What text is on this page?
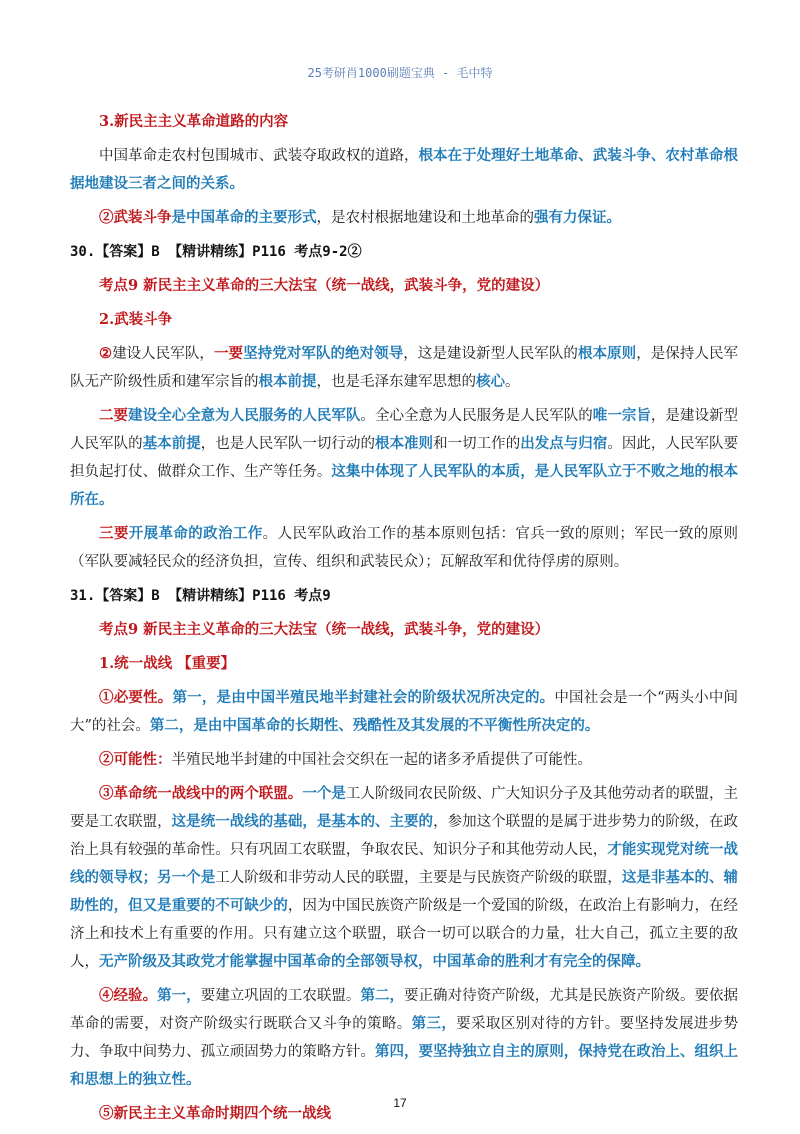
25考研肖1000刷题宝典 - 毛中特
3.新民主主义革命道路的内容
中国革命走农村包围城市、武装夺取政权的道路，根本在于处理好土地革命、武装斗争、农村革命根据地建设三者之间的关系。
②武装斗争是中国革命的主要形式，是农村根据地建设和土地革命的强有力保证。
30.【答案】B 【精讲精练】P116 考点9-2②
考点9 新民主主义革命的三大法宝（统一战线，武装斗争，党的建设）
2.武装斗争
②建设人民军队，一要坚持党对军队的绝对领导，这是建设新型人民军队的根本原则，是保持人民军队无产阶级性质和建军宗旨的根本前提，也是毛泽东建军思想的核心。
二要建设全心全意为人民服务的人民军队。全心全意为人民服务是人民军队的唯一宗旨，是建设新型人民军队的基本前提，也是人民军队一切行动的根本准则和一切工作的出发点与归宿。因此，人民军队要担负起打仗、做群众工作、生产等任务。这集中体现了人民军队的本质，是人民军队立于不败之地的根本所在。
三要开展革命的政治工作。人民军队政治工作的基本原则包括：官兵一致的原则；军民一致的原则（军队要减轻民众的经济负担，宣传、组织和武装民众）；瓦解敌军和优待俘虏的原则。
31.【答案】B 【精讲精练】P116 考点9
考点9 新民主主义革命的三大法宝（统一战线，武装斗争，党的建设）
1.统一战线 【重要】
①必要性。第一，是由中国半殖民地半封建社会的阶级状况所决定的。中国社会是一个“两头小中间大”的社会。第二，是由中国革命的长期性、残酷性及其发展的不平衡性所决定的。
②可能性：半殖民地半封建的中国社会交织在一起的诸多矛盾提供了可能性。
③革命统一战线中的两个联盟。一个是工人阶级同农民阶级、广大知识分子及其他劳动者的联盟，主要是工农联盟，这是统一战线的基础，是基本的、主要的，参加这个联盟的是属于进步势力的阶级，在政治上具有较强的革命性。只有巩固工农联盟，争取农民、知识分子和其他劳动人民，才能实现党对统一战线的领导权；另一个是工人阶级和非劳动人民的联盟，主要是与民族资产阶级的联盟，这是非基本的、辅助性的，但又是重要的不可缺少的，因为中国民族资产阶级是一个爱国的阶级，在政治上有影响力，在经济上和技术上有重要的作用。只有建立这个联盟，联合一切可以联合的力量，壮大自己，孤立主要的敌人，无产阶级及其政党才能掌握中国革命的全部领导权，中国革命的胜利才有完全的保障。
④经验。第一，要建立巩固的工农联盟。第二，要正确对待资产阶级，尤其是民族资产阶级。要依据革命的需要，对资产阶级实行既联合又斗争的策略。第三，要采取区别对待的方针。要坚持发展进步势力、争取中间势力、孤立顽固势力的策略方针。第四，要坚持独立自主的原则，保持党在政治上、组织上和思想上的独立性。
⑤新民主主义革命时期四个统一战线
17
